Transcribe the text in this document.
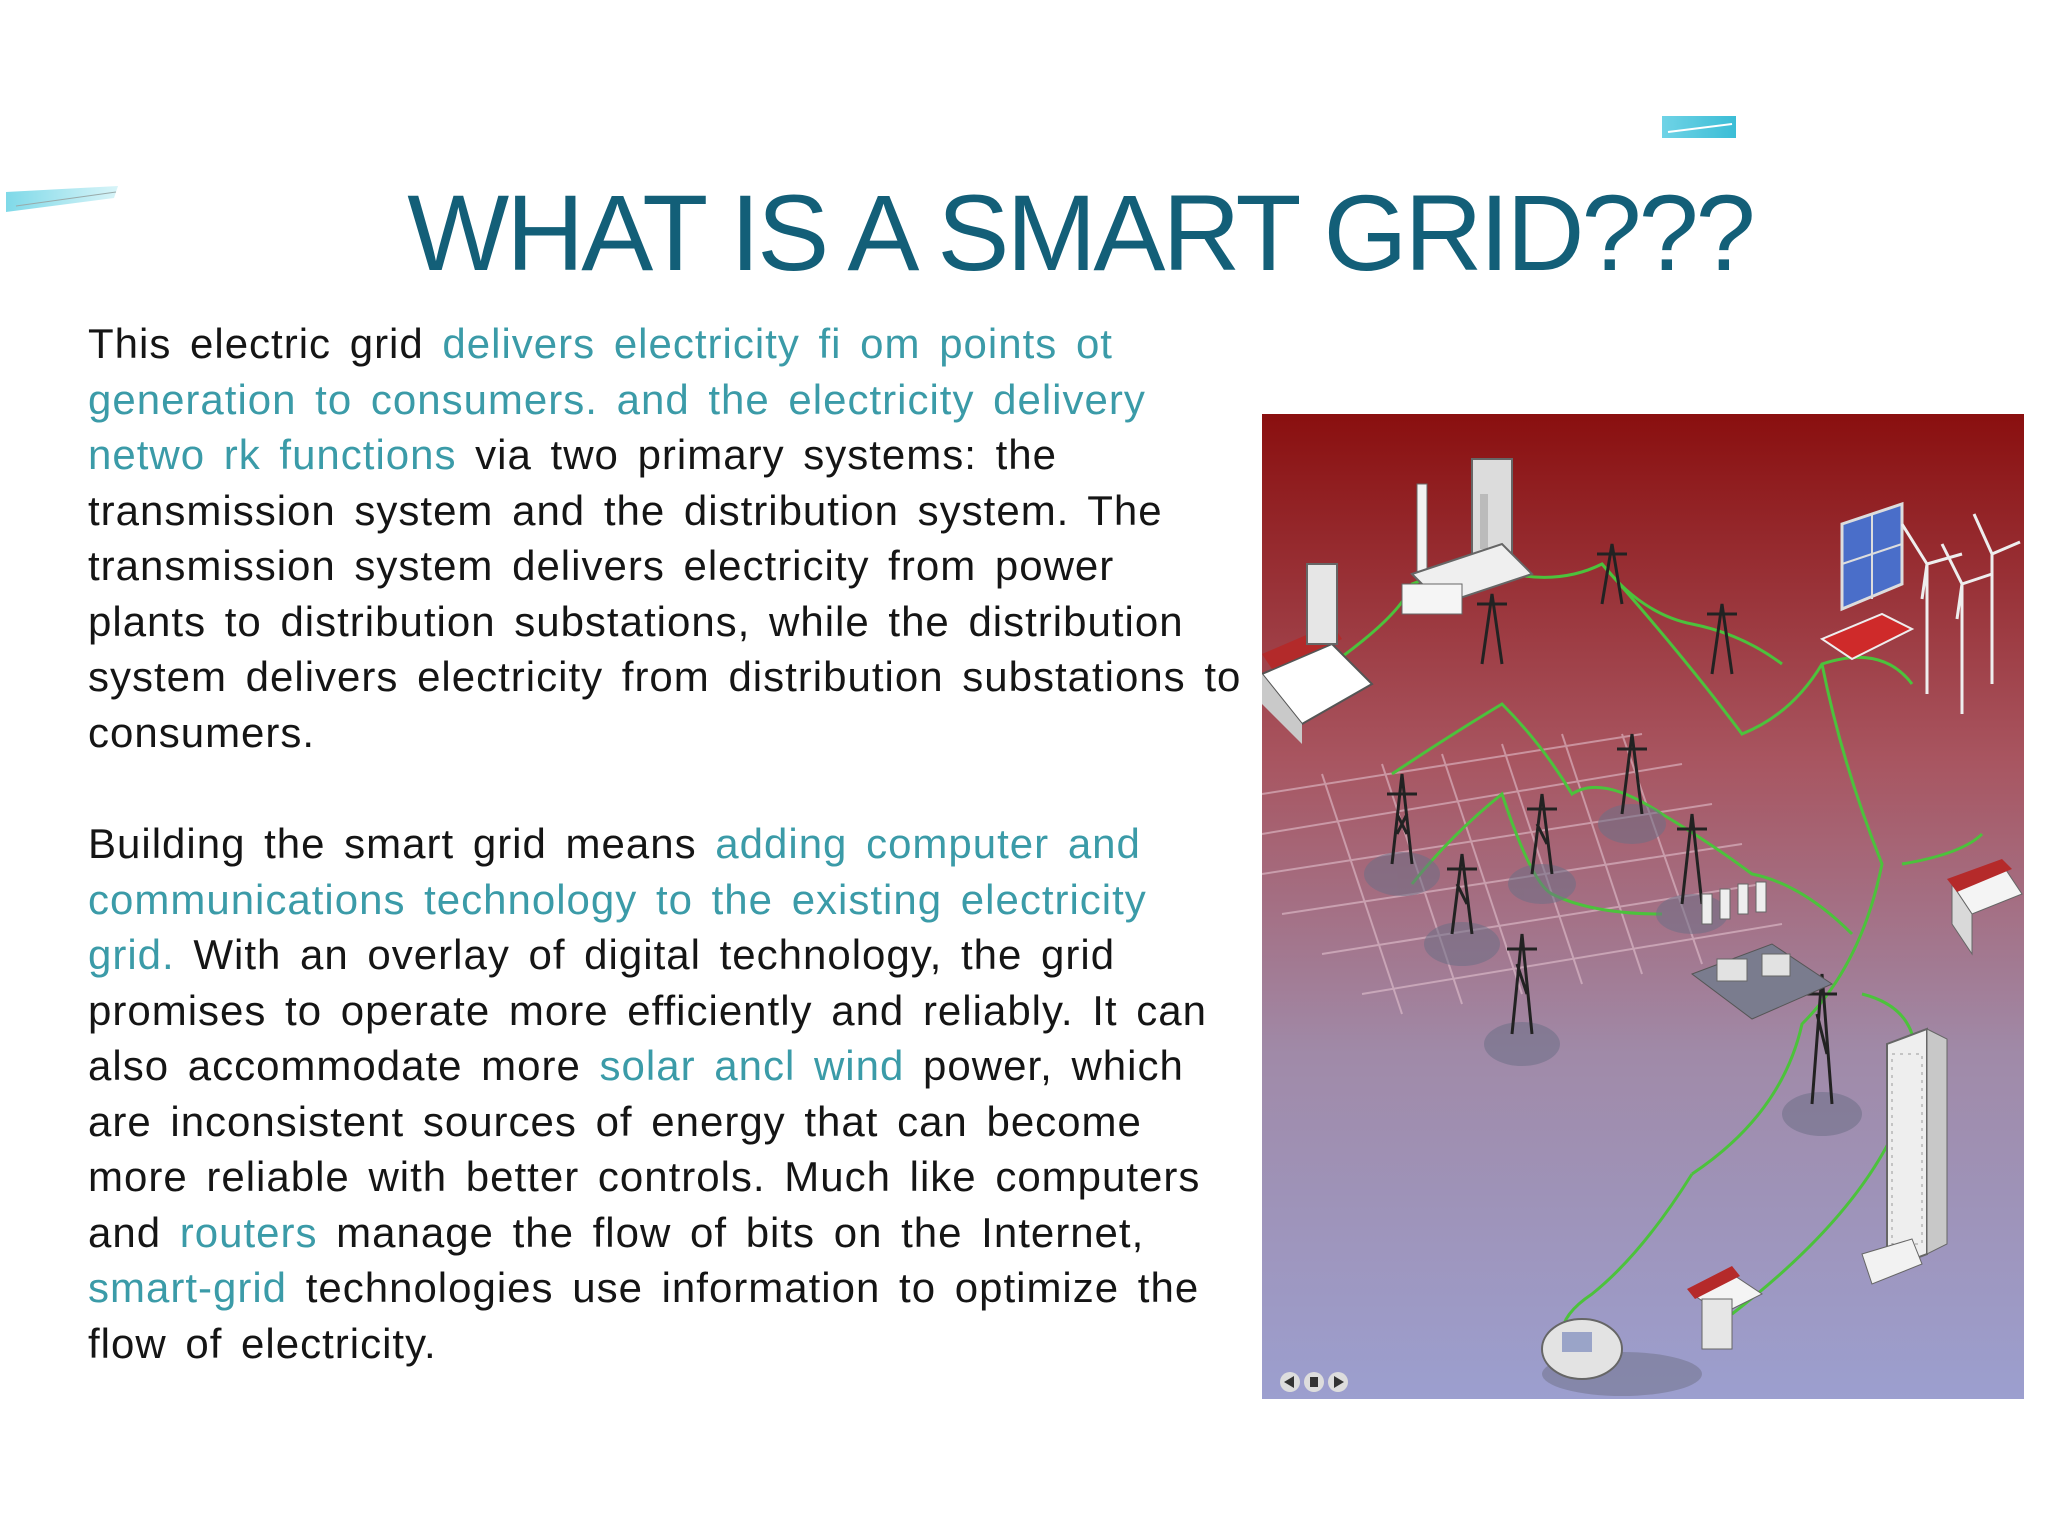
WHAT IS A SMART GRID???

This electric grid delivers electricity fi om points ot generation to consumers. and the electricity delivery netwo rk functions via two primary systems: the transmission system and the distribution system. The transmission system delivers electricity from power plants to distribution substations, while the distribution system delivers electricity from distribution substations to consumers.

Building the smart grid means adding computer and communications technology to the existing electricity grid. With an overlay of digital technology, the grid promises to operate more efficiently and reliably. It can also accommodate more solar ancl wind power, which are inconsistent sources of energy that can become more reliable with better controls. Much like computers and routers manage the flow of bits on the Internet, smart-grid technologies use information to optimize the flow of electricity.
